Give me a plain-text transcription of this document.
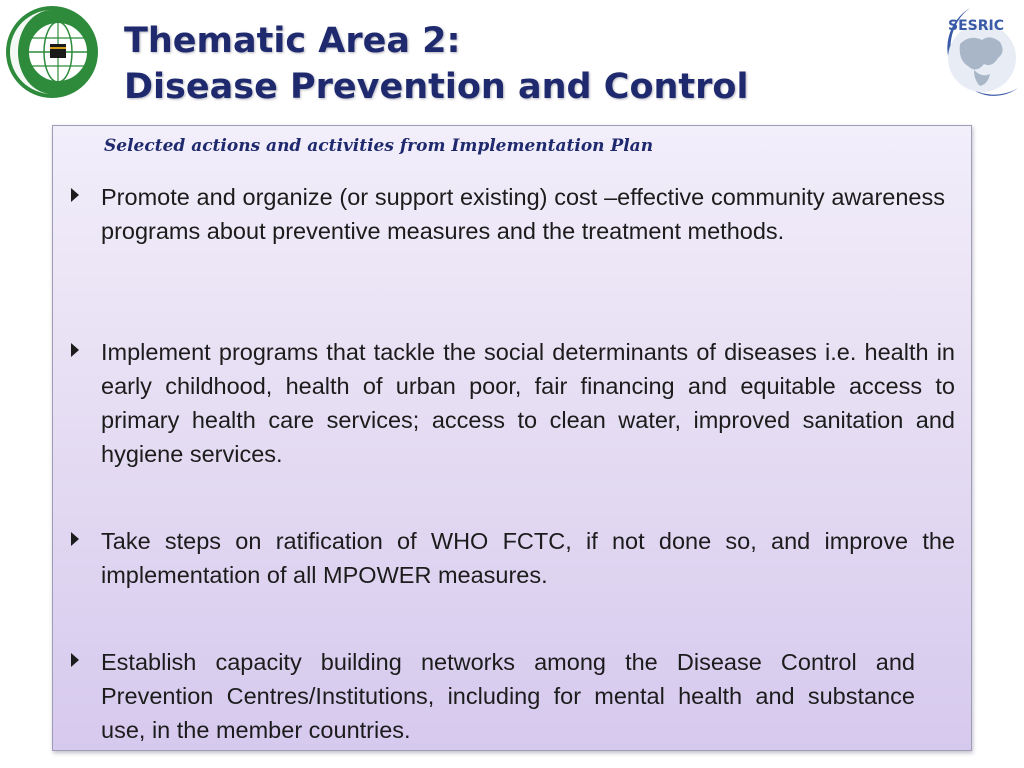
Thematic Area 2:
Disease Prevention and Control
SESRIC
Selected actions and activities from Implementation Plan
Promote and organize (or support existing) cost –effective community awareness programs about preventive measures and the treatment methods.
Implement programs that tackle the social determinants of diseases i.e. health in early childhood, health of urban poor, fair financing and equitable access to primary health care services; access to clean water, improved sanitation and hygiene services.
Take steps on ratification of WHO FCTC, if not done so, and improve the implementation of all MPOWER measures.
Establish capacity building networks among the Disease Control and Prevention Centres/Institutions, including for mental health and substance use, in the member countries.
